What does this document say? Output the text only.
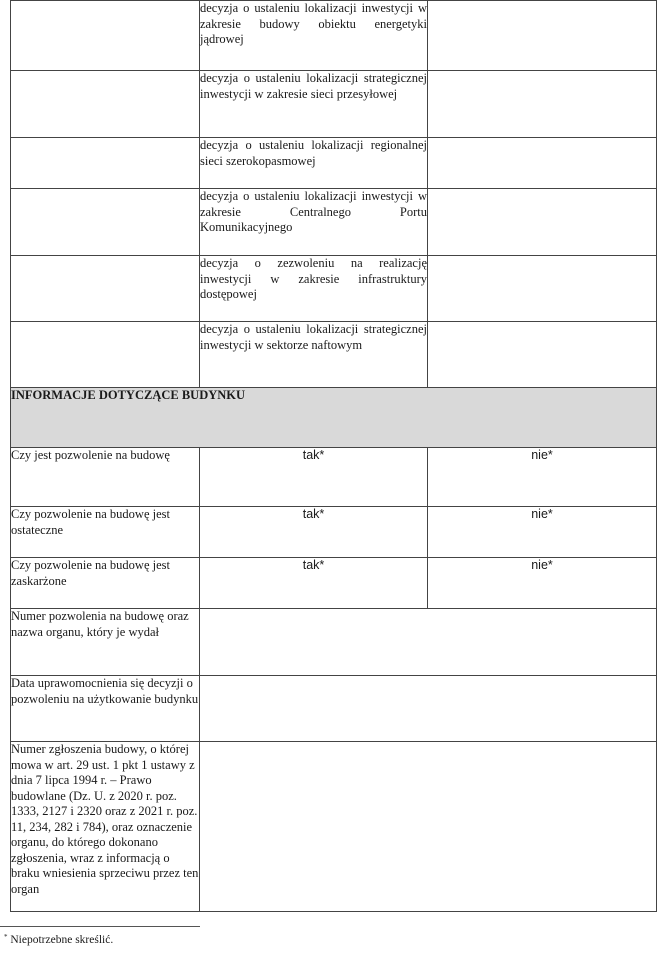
	decyzja o ustaleniu lokalizacji inwestycji w zakresie budowy obiektu energetyki jądrowej	
	decyzja o ustaleniu lokalizacji strategicznej inwestycji w zakresie sieci przesyłowej	
	decyzja o ustaleniu lokalizacji regionalnej sieci szerokopasmowej	
	decyzja o ustaleniu lokalizacji inwestycji w zakresie Centralnego Portu Komunikacyjnego	
	decyzja o zezwoleniu na realizację inwestycji w zakresie infrastruktury dostępowej	
	decyzja o ustaleniu lokalizacji strategicznej inwestycji w sektorze naftowym	
INFORMACJE DOTYCZĄCE BUDYNKU		
Czy jest pozwolenie na budowę	tak*	nie*
Czy pozwolenie na budowę jest ostateczne	tak*	nie*
Czy pozwolenie na budowę jest zaskarżone	tak*	nie*
Numer pozwolenia na budowę oraz nazwa organu, który je wydał		
Data uprawomocnienia się decyzji o pozwoleniu na użytkowanie budynku		
Numer zgłoszenia budowy, o której mowa w art. 29 ust. 1 pkt 1 ustawy z dnia 7 lipca 1994 r. – Prawo budowlane (Dz. U. z 2020 r. poz. 1333, 2127 i 2320 oraz z 2021 r. poz. 11, 234, 282 i 784), oraz oznaczenie organu, do którego dokonano zgłoszenia, wraz z informacją o braku wniesienia sprzeciwu przez ten organ		
* Niepotrzebne skreślić.
